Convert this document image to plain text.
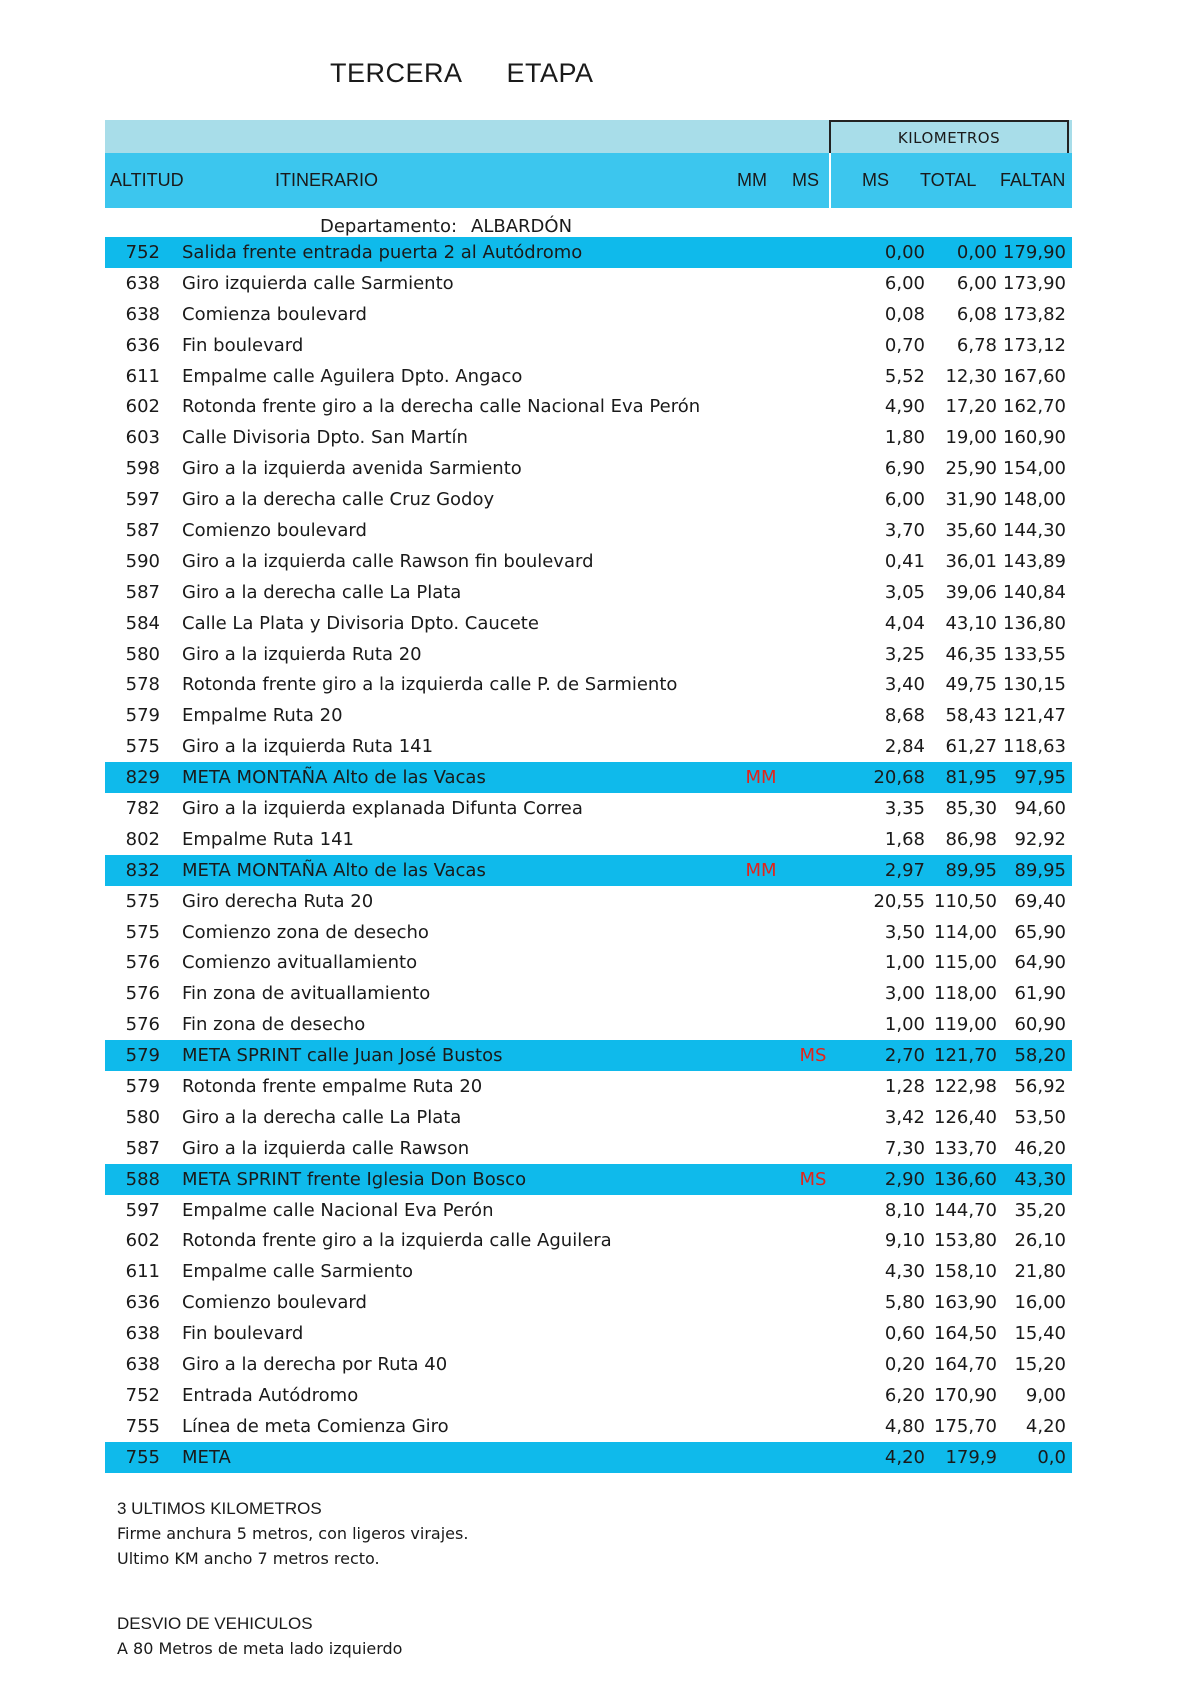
TERCERA ETAPA
KILOMETROS
ALTITUD	ITINERARIO	MM MS MS TOTAL FALTAN
Departamento: ALBARDÓN
752 Salida frente entrada puerta 2 al Autódromo	0,00	0,00 179,90
638 Giro izquierda calle Sarmiento	6,00	6,00 173,90
638 Comienza boulevard	0,08	6,08 173,82
636 Fin boulevard	0,70	6,78 173,12
611 Empalme calle Aguilera Dpto. Angaco	5,52	12,30 167,60
602 Rotonda frente giro a la derecha calle Nacional Eva Perón	4,90	17,20 162,70
603 Calle Divisoria Dpto. San Martín	1,80	19,00 160,90
598 Giro a la izquierda avenida Sarmiento	6,90	25,90 154,00
597 Giro a la derecha calle Cruz Godoy	6,00	31,90 148,00
587 Comienzo boulevard	3,70	35,60 144,30
590 Giro a la izquierda calle Rawson fin boulevard	0,41	36,01 143,89
587 Giro a la derecha calle La Plata	3,05	39,06 140,84
584 Calle La Plata y Divisoria Dpto. Caucete	4,04	43,10 136,80
580 Giro a la izquierda Ruta 20	3,25	46,35 133,55
578 Rotonda frente giro a la izquierda calle P. de Sarmiento	3,40	49,75 130,15
579 Empalme Ruta 20	8,68	58,43 121,47
575 Giro a la izquierda Ruta 141	2,84	61,27 118,63
829 META MONTAÑA Alto de las Vacas	MM	20,68	81,95 97,95
782 Giro a la izquierda explanada Difunta Correa	3,35	85,30 94,60
802 Empalme Ruta 141	1,68	86,98 92,92
832 META MONTAÑA Alto de las Vacas	MM	2,97	89,95 89,95
575 Giro derecha Ruta 20	20,55 110,50 69,40
575 Comienzo zona de desecho	3,50 114,00 65,90
576 Comienzo avituallamiento	1,00 115,00 64,90
576 Fin zona de avituallamiento	3,00 118,00 61,90
576 Fin zona de desecho	1,00 119,00 60,90
579 META SPRINT calle Juan José Bustos	MS	2,70 121,70 58,20
579 Rotonda frente empalme Ruta 20	1,28 122,98 56,92
580 Giro a la derecha calle La Plata	3,42 126,40 53,50
587 Giro a la izquierda calle Rawson	7,30 133,70 46,20
588 META SPRINT frente Iglesia Don Bosco	MS	2,90 136,60 43,30
597 Empalme calle Nacional Eva Perón	8,10 144,70 35,20
602 Rotonda frente giro a la izquierda calle Aguilera	9,10 153,80 26,10
611 Empalme calle Sarmiento	4,30 158,10 21,80
636 Comienzo boulevard	5,80 163,90 16,00
638 Fin boulevard	0,60 164,50 15,40
638 Giro a la derecha por Ruta 40	0,20 164,70 15,20
752 Entrada Autódromo	6,20 170,90	9,00
755 Línea de meta Comienza Giro	4,80 175,70	4,20
755 META	4,20	179,9	0,0
3 ULTIMOS KILOMETROS
Firme anchura 5 metros, con ligeros virajes.
Ultimo KM ancho 7 metros recto.
DESVIO DE VEHICULOS
A 80 Metros de meta lado izquierdo
